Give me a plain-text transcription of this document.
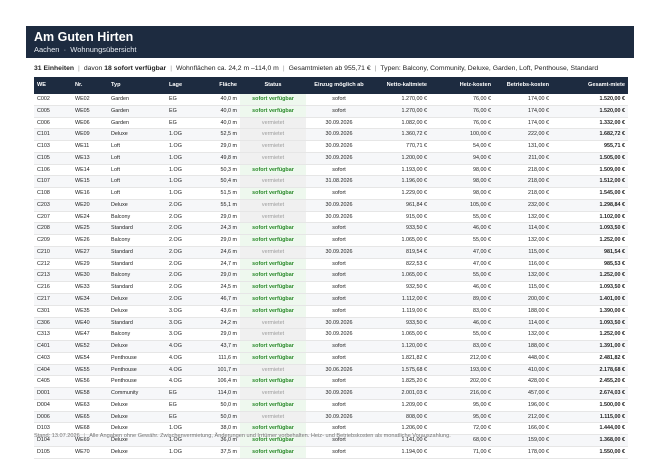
Am Guten Hirten
Aachen  ·  Wohnungsübersicht
31 Einheiten | davon 18 sofort verfügbar | Wohnflächen ca. 24,2 m –114,0 m | Gesamtmieten ab 955,71 € | Typen: Balcony, Community, Deluxe, Garden, Loft, Penthouse, Standard
WE	Nr.	Typ	Lage	Fläche	Status	Einzug möglich ab	Netto-kaltmiete	Heiz-kosten	Betriebs-kosten	Gesamt-miete
C002	WE02	Garden	EG	40,0 m	sofort verfügbar	sofort	1.270,00 €	76,00 €	174,00 €	1.520,00 €
C005	WE05	Garden	EG	40,0 m	sofort verfügbar	sofort	1.270,00 €	76,00 €	174,00 €	1.520,00 €
C006	WE06	Garden	EG	40,0 m	vermietet	30.09.2026	1.082,00 €	76,00 €	174,00 €	1.332,00 €
C101	WE09	Deluxe	1.OG	52,5 m	vermietet	30.09.2026	1.360,72 €	100,00 €	222,00 €	1.682,72 €
C103	WE11	Loft	1.OG	29,0 m	vermietet	30.09.2026	770,71 €	54,00 €	131,00 €	955,71 €
C105	WE13	Loft	1.OG	49,8 m	vermietet	30.09.2026	1.200,00 €	94,00 €	211,00 €	1.505,00 €
C106	WE14	Loft	1.OG	50,3 m	sofort verfügbar	sofort	1.193,00 €	98,00 €	218,00 €	1.509,00 €
C107	WE15	Loft	1.OG	50,4 m	vermietet	31.08.2026	1.196,00 €	98,00 €	218,00 €	1.512,00 €
C108	WE16	Loft	1.OG	51,5 m	sofort verfügbar	sofort	1.229,00 €	98,00 €	218,00 €	1.545,00 €
C203	WE20	Deluxe	2.OG	55,1 m	vermietet	30.09.2026	961,84 €	105,00 €	232,00 €	1.298,84 €
C207	WE24	Balcony	2.OG	29,0 m	vermietet	30.09.2026	915,00 €	55,00 €	132,00 €	1.102,00 €
C208	WE25	Standard	2.OG	24,3 m	sofort verfügbar	sofort	933,50 €	46,00 €	114,00 €	1.093,50 €
C209	WE26	Balcony	2.OG	29,0 m	sofort verfügbar	sofort	1.065,00 €	55,00 €	132,00 €	1.252,00 €
C210	WE27	Standard	2.OG	24,6 m	vermietet	30.09.2026	819,54 €	47,00 €	115,00 €	981,54 €
C212	WE29	Standard	2.OG	24,7 m	sofort verfügbar	sofort	822,53 €	47,00 €	116,00 €	985,53 €
C213	WE30	Balcony	2.OG	29,0 m	sofort verfügbar	sofort	1.065,00 €	55,00 €	132,00 €	1.252,00 €
C216	WE33	Standard	2.OG	24,5 m	sofort verfügbar	sofort	932,50 €	46,00 €	115,00 €	1.093,50 €
C217	WE34	Deluxe	2.OG	46,7 m	sofort verfügbar	sofort	1.112,00 €	89,00 €	200,00 €	1.401,00 €
C301	WE35	Deluxe	3.OG	43,6 m	sofort verfügbar	sofort	1.119,00 €	83,00 €	188,00 €	1.390,00 €
C306	WE40	Standard	3.OG	24,2 m	vermietet	30.09.2026	933,50 €	46,00 €	114,00 €	1.093,50 €
C313	WE47	Balcony	3.OG	29,0 m	vermietet	30.09.2026	1.065,00 €	55,00 €	132,00 €	1.252,00 €
C401	WE52	Deluxe	4.OG	43,7 m	sofort verfügbar	sofort	1.120,00 €	83,00 €	188,00 €	1.391,00 €
C403	WE54	Penthouse	4.OG	111,6 m	sofort verfügbar	sofort	1.821,82 €	212,00 €	448,00 €	2.481,82 €
C404	WE55	Penthouse	4.OG	101,7 m	vermietet	30.06.2026	1.575,68 €	193,00 €	410,00 €	2.178,68 €
C405	WE56	Penthouse	4.OG	106,4 m	sofort verfügbar	sofort	1.825,20 €	202,00 €	428,00 €	2.455,20 €
D001	WE58	Community	EG	114,0 m	vermietet	30.09.2026	2.001,03 €	216,00 €	457,00 €	2.674,03 €
D004	WE63	Deluxe	EG	50,0 m	sofort verfügbar	sofort	1.209,00 €	95,00 €	196,00 €	1.500,00 €
D006	WE65	Deluxe	EG	50,0 m	vermietet	30.09.2026	808,00 €	95,00 €	212,00 €	1.115,00 €
D103	WE68	Deluxe	1.OG	38,0 m	sofort verfügbar	sofort	1.206,00 €	72,00 €	166,00 €	1.444,00 €
D104	WE69	Deluxe	1.OG	36,0 m	sofort verfügbar	sofort	1.141,00 €	68,00 €	159,00 €	1.368,00 €
D105	WE70	Deluxe	1.OG	37,5 m	sofort verfügbar	sofort	1.194,00 €	71,00 €	178,00 €	1.550,00 €
Stand: 13.07.2026 | Alle Angaben ohne Gewähr. Zwischenvermietung, Änderungen und Irrtümer vorbehalten. Heiz- und Betriebskosten als monatliche Vorauszahlung.
